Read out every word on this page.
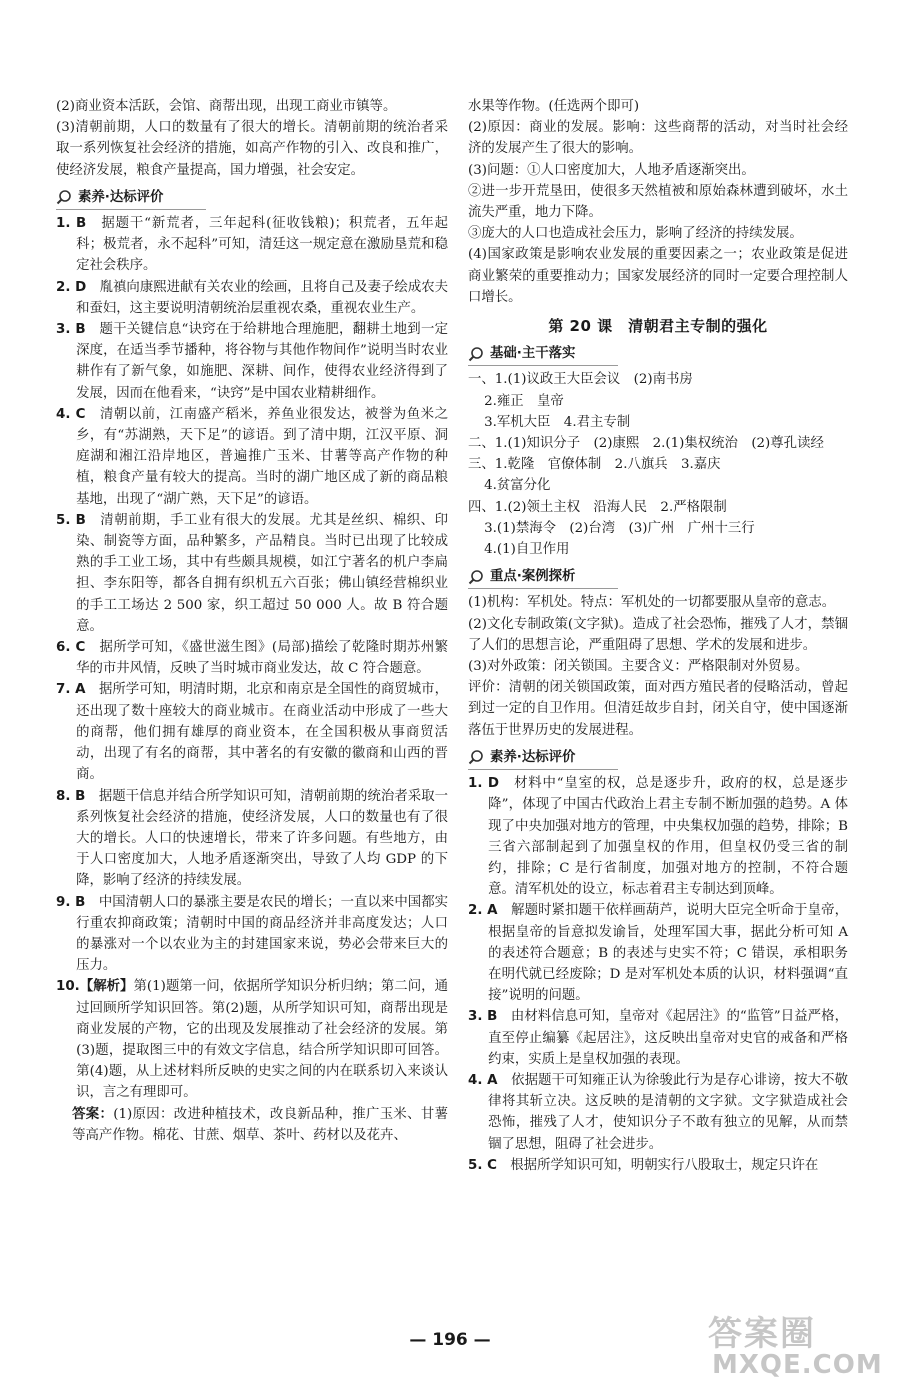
(2)商业资本活跃，会馆、商帮出现，出现工商业市镇等。

(3)清朝前期，人口的数量有了很大的增长。清朝前期的统治者采取一系列恢复社会经济的措施，如高产作物的引入、改良和推广，使经济发展，粮食产量提高，国力增强，社会安定。

素养·达标评价

1. B　 据题干“新荒者，三年起科(征收钱粮)；积荒者，五年起科；极荒者，永不起科”可知，清廷这一规定意在激励垦荒和稳定社会秩序。

2. D　 胤禛向康熙进献有关农业的绘画，且将自己及妻子绘成农夫和蚕妇，这主要说明清朝统治层重视农桑，重视农业生产。

3. B　 题干关键信息“诀窍在于给耕地合理施肥，翻耕土地到一定深度，在适当季节播种，将谷物与其他作物间作”说明当时农业耕作有了新气象，如施肥、深耕、间作，使得农业经济得到了发展，因而在他看来，“诀窍”是中国农业精耕细作。

4. C　 清朝以前，江南盛产稻米，养鱼业很发达，被誉为鱼米之乡，有“苏湖熟，天下足”的谚语。到了清中期，江汉平原、洞庭湖和湘江沿岸地区，普遍推广玉米、甘薯等高产作物的种植，粮食产量有较大的提高。当时的湖广地区成了新的商品粮基地，出现了“湖广熟，天下足”的谚语。

5. B　 清朝前期，手工业有很大的发展。尤其是丝织、棉织、印染、制瓷等方面，品种繁多，产品精良。当时已出现了比较成熟的手工业工场，其中有些颇具规模，如江宁著名的机户李扁担、李东阳等，都各自拥有织机五六百张；佛山镇经营棉织业的手工工场达 2 500 家，织工超过 50 000 人。故 B 符合题意。

6. C　 据所学可知，《盛世滋生图》(局部)描绘了乾隆时期苏州繁华的市井风情，反映了当时城市商业发达，故 C 符合题意。

7. A　 据所学可知，明清时期，北京和南京是全国性的商贸城市，还出现了数十座较大的商业城市。在商业活动中形成了一些大的商帮，他们拥有雄厚的商业资本，在全国积极从事商贸活动，出现了有名的商帮，其中著名的有安徽的徽商和山西的晋商。

8. B　 据题干信息并结合所学知识可知，清朝前期的统治者采取一系列恢复社会经济的措施，使经济发展，人口的数量也有了很大的增长。人口的快速增长，带来了许多问题。有些地方，由于人口密度加大，人地矛盾逐渐突出，导致了人均 GDP 的下降，影响了经济的持续发展。

9. B　 中国清朝人口的暴涨主要是农民的增长；一直以来中国都实行重农抑商政策；清朝时中国的商品经济并非高度发达；人口的暴涨对一个以农业为主的封建国家来说，势必会带来巨大的压力。

10.【解析】第(1)题第一问，依据所学知识分析归纳；第二问，通过回顾所学知识回答。第(2)题，从所学知识可知，商帮出现是商业发展的产物，它的出现及发展推动了社会经济的发展。第(3)题，提取图三中的有效文字信息，结合所学知识即可回答。第(4)题，从上述材料所反映的史实之间的内在联系切入来谈认识，言之有理即可。

答案：(1)原因：改进种植技术，改良新品种，推广玉米、甘薯等高产作物。棉花、甘蔗、烟草、茶叶、药材以及花卉、

水果等作物。(任选两个即可)

(2)原因：商业的发展。影响：这些商帮的活动，对当时社会经济的发展产生了很大的影响。

(3)问题：①人口密度加大，人地矛盾逐渐突出。

②进一步开荒垦田，使很多天然植被和原始森林遭到破坏，水土流失严重，地力下降。

③庞大的人口也造成社会压力，影响了经济的持续发展。

(4)国家政策是影响农业发展的重要因素之一；农业政策是促进商业繁荣的重要推动力；国家发展经济的同时一定要合理控制人口增长。

第 20 课　清朝君主专制的强化
基础·主干落实

一、1.(1)议政王大臣会议　(2)南书房

2.雍正　皇帝

3.军机大臣　4.君主专制

二、1.(1)知识分子　(2)康熙　2.(1)集权统治　(2)尊孔读经

三、1.乾隆　官僚体制　2.八旗兵　3.嘉庆

4.贫富分化

四、1.(2)领土主权　沿海人民　2.严格限制

3.(1)禁海令　(2)台湾　(3)广州　广州十三行

4.(1)自卫作用

重点·案例探析

(1)机构：军机处。特点：军机处的一切都要服从皇帝的意志。

(2)文化专制政策(文字狱)。造成了社会恐怖，摧残了人才，禁锢了人们的思想言论，严重阻碍了思想、学术的发展和进步。

(3)对外政策：闭关锁国。主要含义：严格限制对外贸易。

评价：清朝的闭关锁国政策，面对西方殖民者的侵略活动，曾起到过一定的自卫作用。但清廷故步自封，闭关自守，使中国逐渐落伍于世界历史的发展进程。

素养·达标评价

1. D　 材料中“皇室的权，总是逐步升，政府的权，总是逐步降”，体现了中国古代政治上君主专制不断加强的趋势。A 体现了中央加强对地方的管理，中央集权加强的趋势，排除；B 三省六部制起到了加强皇权的作用，但皇权仍受三省的制约，排除；C 是行省制度，加强对地方的控制，不符合题意。清军机处的设立，标志着君主专制达到顶峰。

2. A　 解题时紧扣题干依样画葫芦，说明大臣完全听命于皇帝，根据皇帝的旨意拟发谕旨，处理军国大事，据此分析可知 A 的表述符合题意；B 的表述与史实不符；C 错误，承相职务在明代就已经废除；D 是对军机处本质的认识，材料强调“直接”说明的问题。

3. B　 由材料信息可知，皇帝对《起居注》的“监管”日益严格，直至停止编纂《起居注》，这反映出皇帝对史官的戒备和严格约束，实质上是皇权加强的表现。

4. A　 依据题干可知雍正认为徐骏此行为是存心诽谤，按大不敬律将其斩立决。这反映的是清朝的文字狱。文字狱造成社会恐怖，摧残了人才，使知识分子不敢有独立的见解，从而禁锢了思想，阻碍了社会进步。

5. C　 根据所学知识可知，明朝实行八股取士，规定只许在

— 196 —	答案圈
MXQE.COM
